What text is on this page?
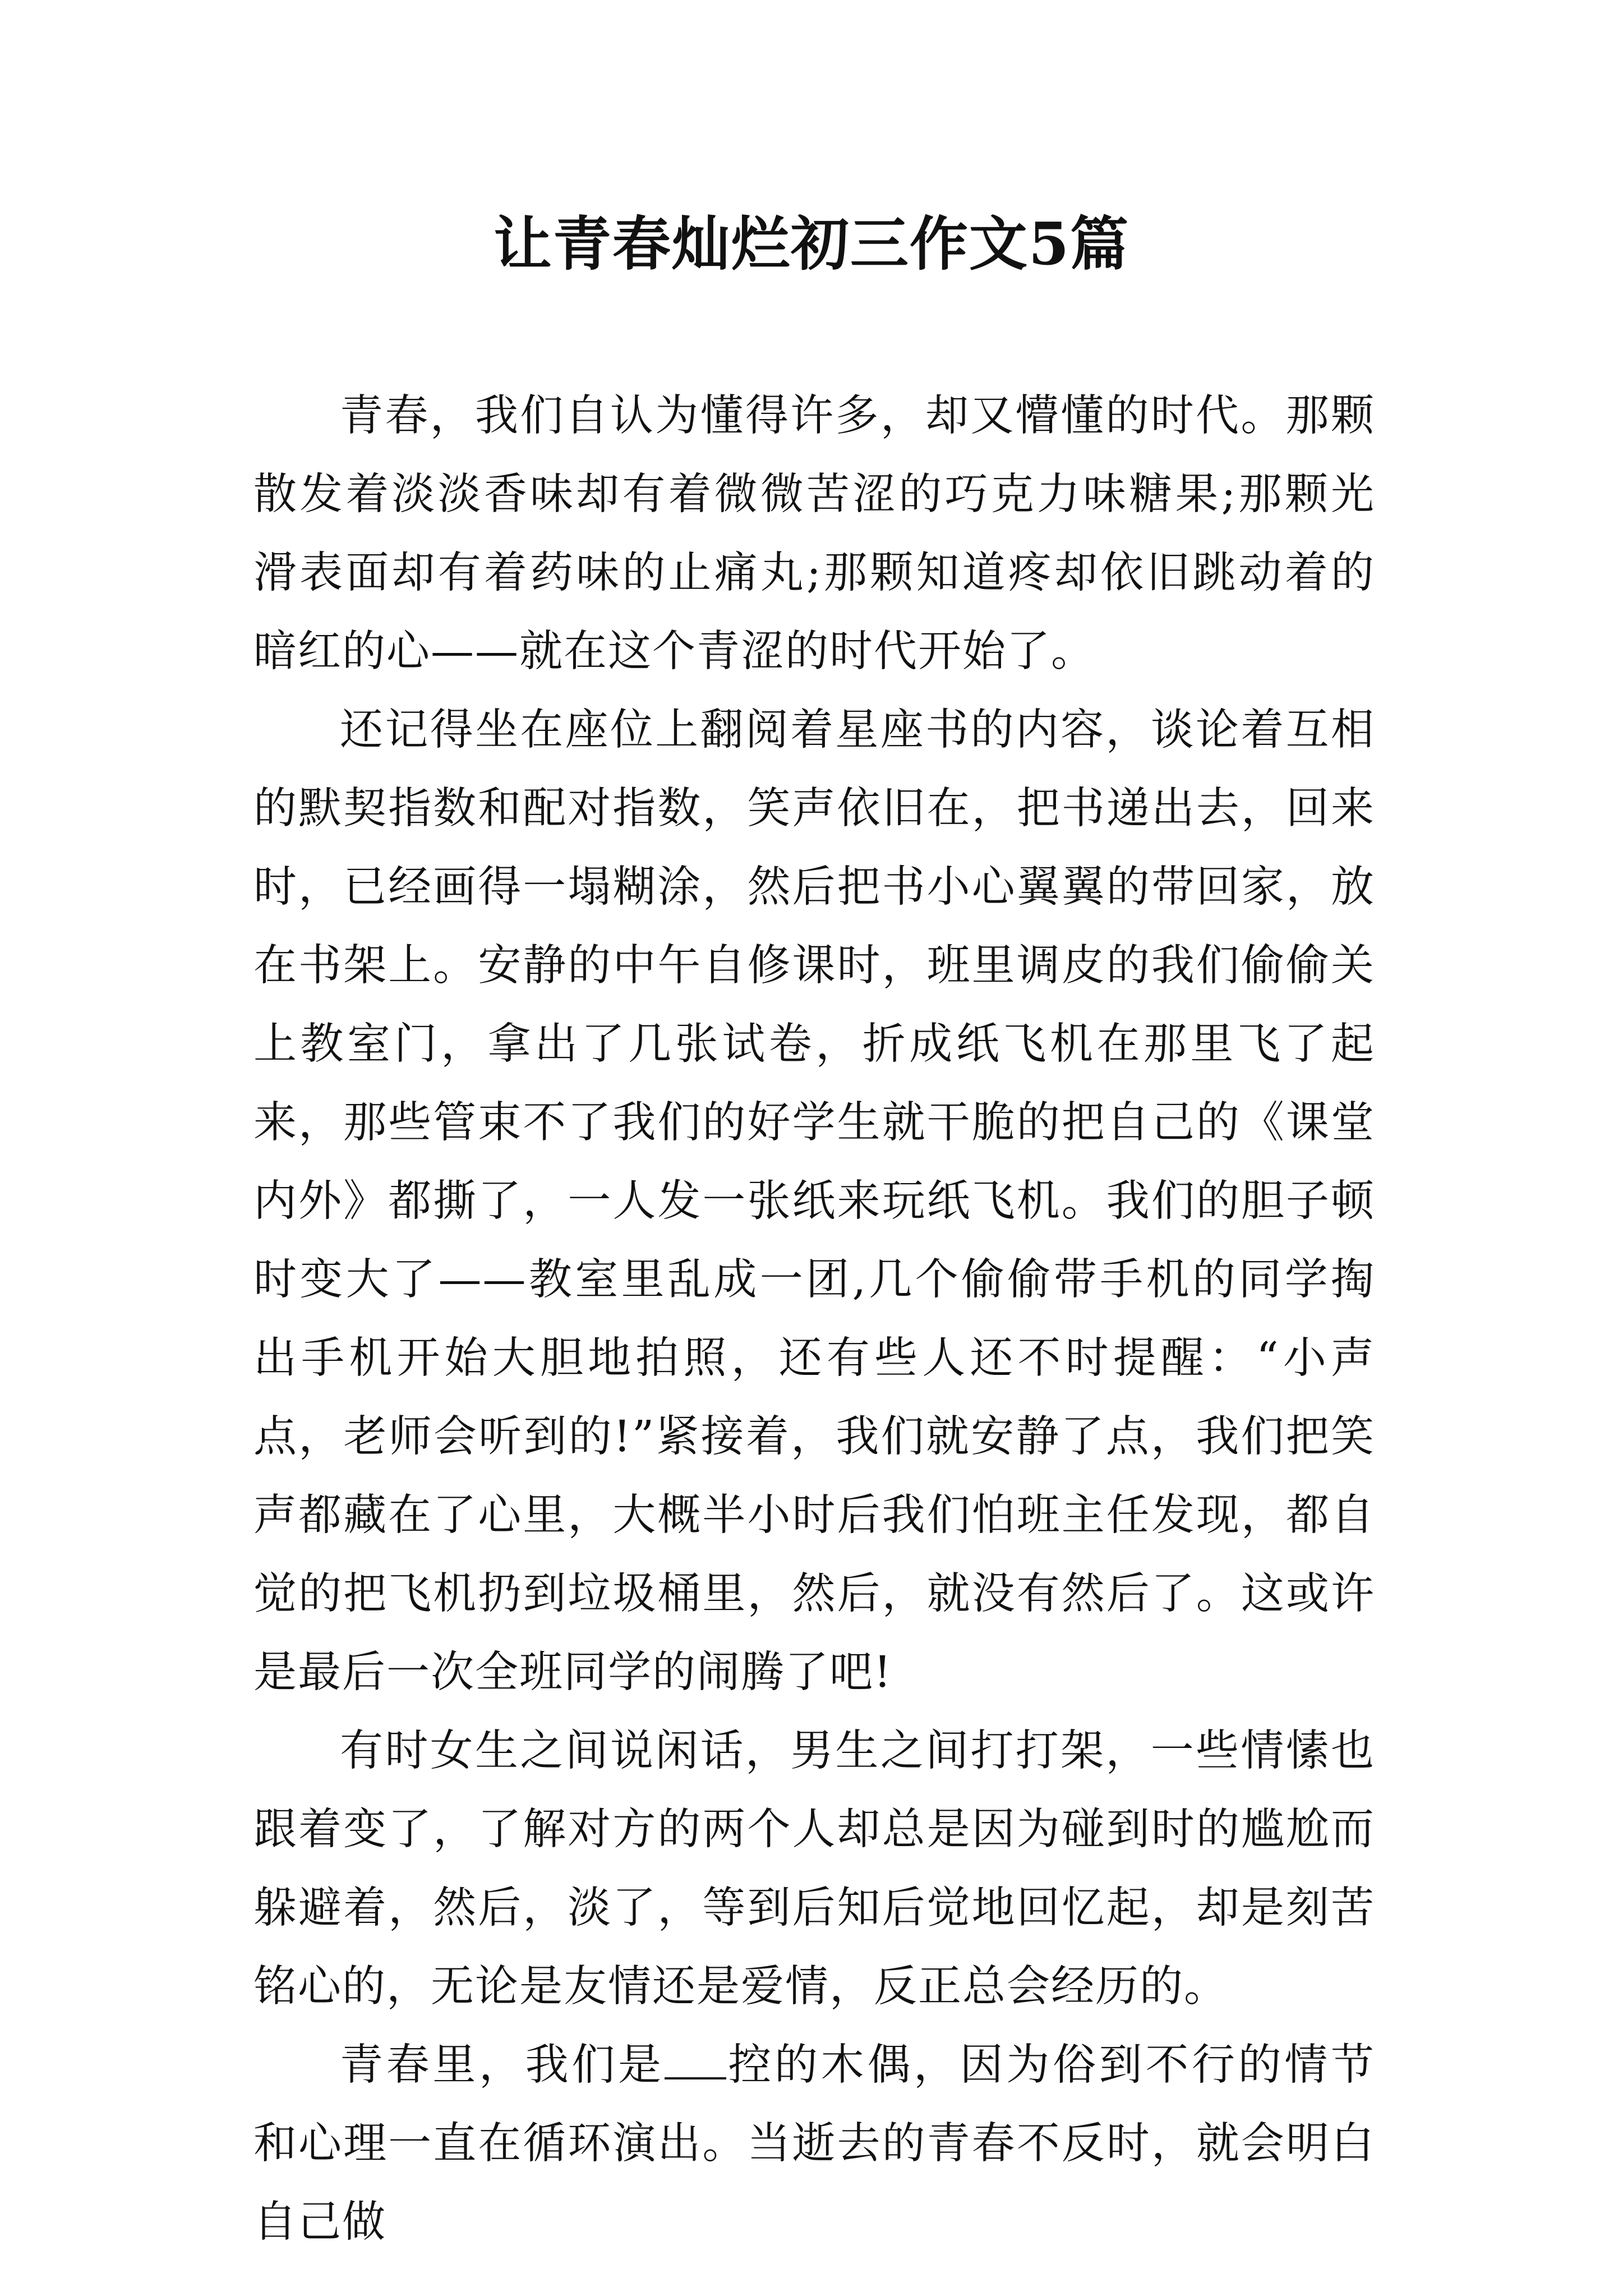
让青春灿烂初三作文5篇

青春，我们自认为懂得许多，却又懵懂的时代。那颗散发着淡淡香味却有着微微苦涩的巧克力味糖果;那颗光滑表面却有着药味的止痛丸;那颗知道疼却依旧跳动着的暗红的心——就在这个青涩的时代开始了。

还记得坐在座位上翻阅着星座书的内容，谈论着互相的默契指数和配对指数，笑声依旧在，把书递出去，回来时，已经画得一塌糊涂，然后把书小心翼翼的带回家，放在书架上。安静的中午自修课时，班里调皮的我们偷偷关上教室门，拿出了几张试卷，折成纸飞机在那里飞了起来，那些管束不了我们的好学生就干脆的把自己的《课堂内外》都撕了，一人发一张纸来玩纸飞机。我们的胆子顿时变大了——教室里乱成一团,几个偷偷带手机的同学掏出手机开始大胆地拍照，还有些人还不时提醒：“小声点，老师会听到的!”紧接着，我们就安静了点，我们把笑声都藏在了心里，大概半小时后我们怕班主任发现，都自觉的把飞机扔到垃圾桶里，然后，就没有然后了。这或许是最后一次全班同学的闹腾了吧!

有时女生之间说闲话，男生之间打打架，一些情愫也跟着变了，了解对方的两个人却总是因为碰到时的尴尬而躲避着，然后，淡了，等到后知后觉地回忆起，却是刻苦铭心的，无论是友情还是爱情，反正总会经历的。

青春里，我们是 控的木偶，因为俗到不行的情节和心理一直在循环演出。当逝去的青春不反时，就会明白自己做
